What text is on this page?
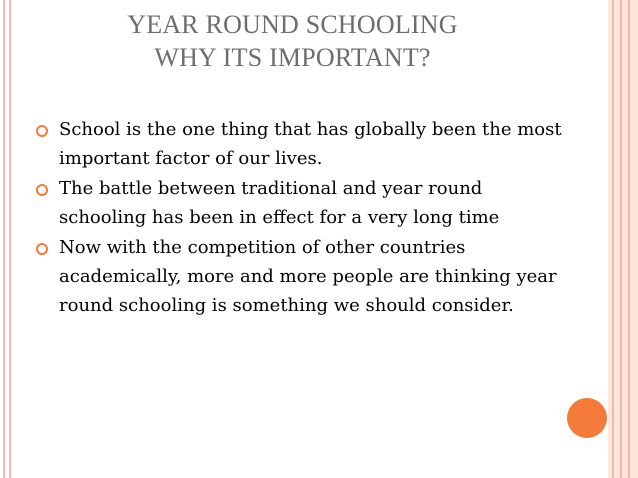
YEAR ROUND SCHOOLING
WHY ITS IMPORTANT?
School is the one thing that has globally been the most important factor of our lives.
The battle between traditional and year round schooling has been in effect for a very long time
Now with the competition of other countries academically, more and more people are thinking year round schooling is something we should consider.
